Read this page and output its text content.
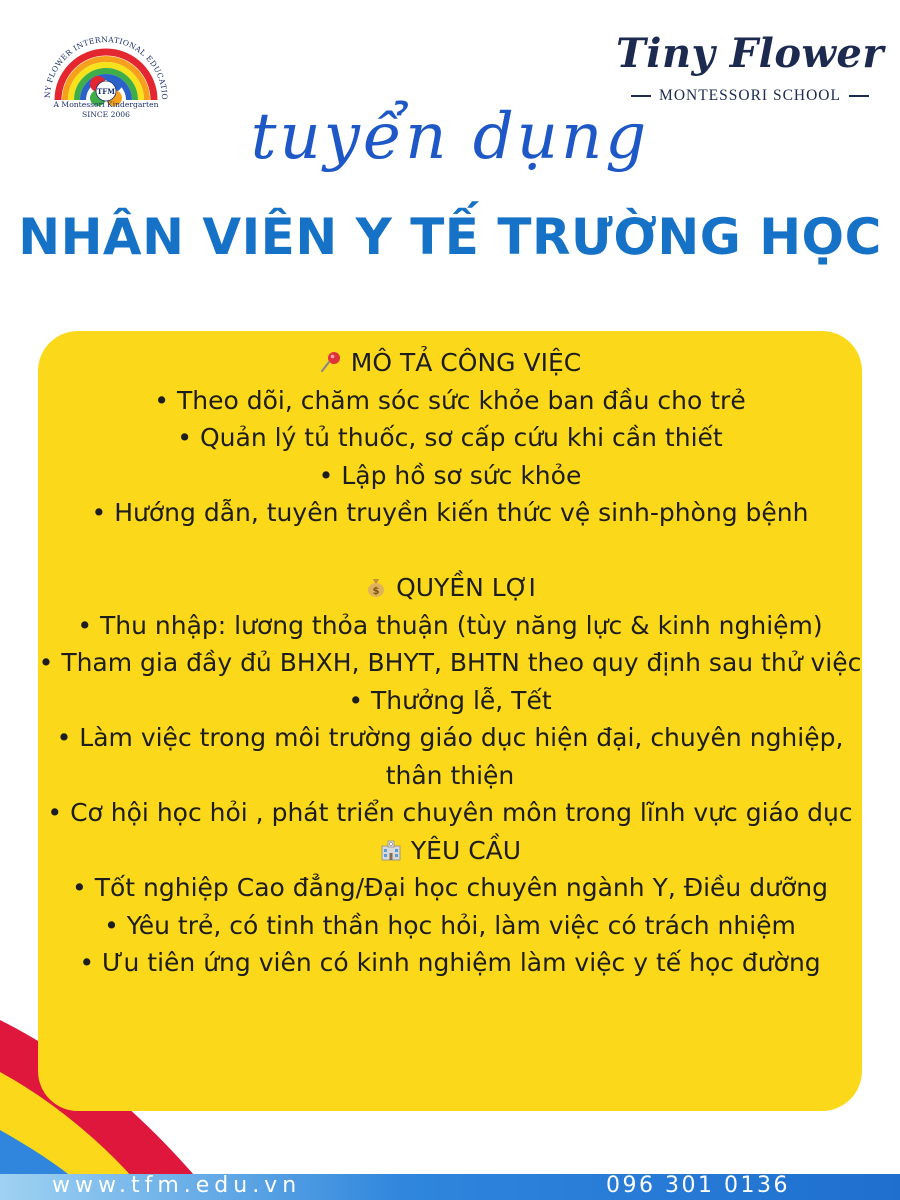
NY FLOWER INTERNATIONAL EDUCATIO
TFM
A Montessori Kindergarten
SINCE 2006
Tiny Flower
MONTESSORI SCHOOL
tuyển dụng
NHÂN VIÊN Y TẾ TRƯỜNG HỌC

MÔ TẢ CÔNG VIỆC

• Theo dõi, chăm sóc sức khỏe ban đầu cho trẻ

• Quản lý tủ thuốc, sơ cấp cứu khi cần thiết

• Lập hồ sơ sức khỏe

• Hướng dẫn, tuyên truyền kiến thức vệ sinh-phòng bệnh

$ QUYỀN LỢI

• Thu nhập: lương thỏa thuận (tùy năng lực & kinh nghiệm)

• Tham gia đầy đủ BHXH, BHYT, BHTN theo quy định sau thử việc

• Thưởng lễ, Tết

• Làm việc trong môi trường giáo dục hiện đại, chuyên nghiệp, thân thiện

• Cơ hội học hỏi , phát triển chuyên môn trong lĩnh vực giáo dục

YÊU CẦU

• Tốt nghiệp Cao đẳng/Đại học chuyên ngành Y, Điều dưỡng

• Yêu trẻ, có tinh thần học hỏi, làm việc có trách nhiệm

• Ưu tiên ứng viên có kinh nghiệm làm việc y tế học đường

www.tfm.edu.vn	096 301 0136
